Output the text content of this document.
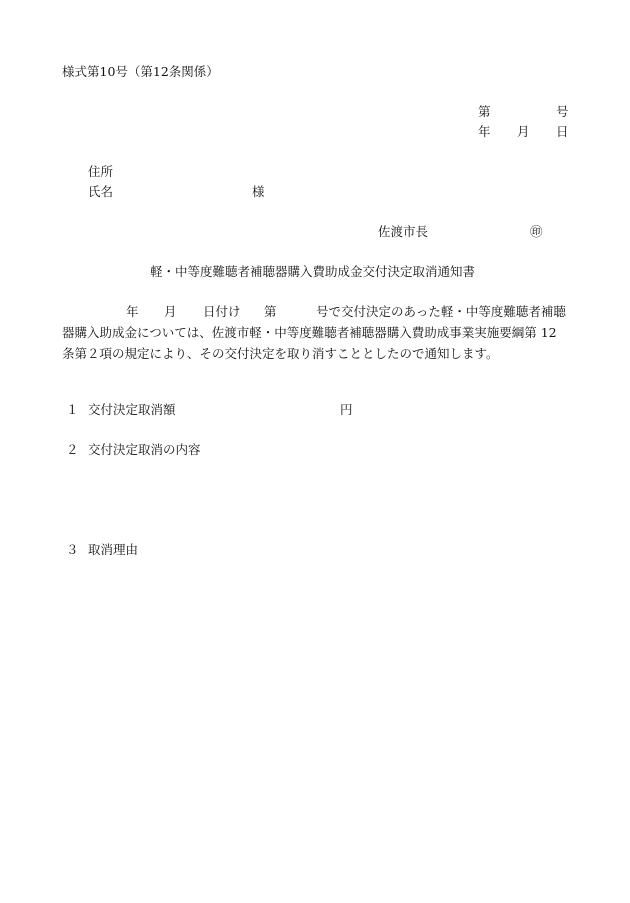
様式第10号（第12条関係）
第	号
年 月 日
住所
氏名	様
佐渡市長	㊞
軽・中等度難聴者補聴器購入費助成金交付決定取消通知書
年 月 日付け 第	号で交付決定のあった軽・中等度難聴者補聴
器購入助成金については、佐渡市軽・中等度難聴者補聴器購入費助成事業実施要綱第 12
条第２項の規定により、その交付決定を取り消すこととしたので通知します。
１ 交付決定取消額	円
２ 交付決定取消の内容
３ 取消理由
